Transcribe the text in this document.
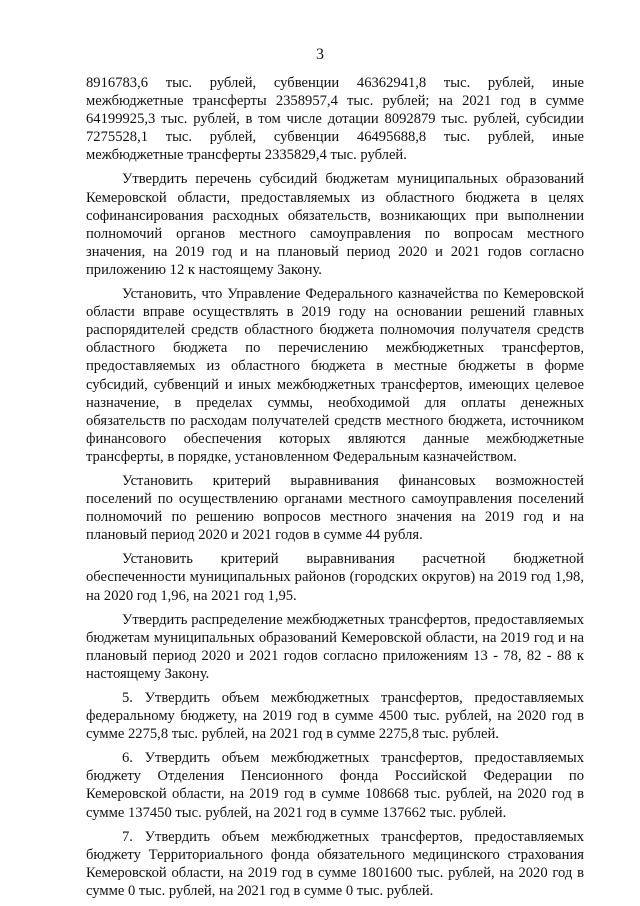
3

8916783,6 тыс. рублей, субвенции 46362941,8 тыс. рублей, иные межбюджетные трансферты 2358957,4 тыс. рублей; на 2021 год в сумме 64199925,3 тыс. рублей, в том числе дотации 8092879 тыс. рублей, субсидии 7275528,1 тыс. рублей, субвенции 46495688,8 тыс. рублей, иные межбюджетные трансферты 2335829,4 тыс. рублей.

Утвердить перечень субсидий бюджетам муниципальных образований Кемеровской области, предоставляемых из областного бюджета в целях софинансирования расходных обязательств, возникающих при выполнении полномочий органов местного самоуправления по вопросам местного значения, на 2019 год и на плановый период 2020 и 2021 годов согласно приложению 12 к настоящему Закону.

Установить, что Управление Федерального казначейства по Кемеровской области вправе осуществлять в 2019 году на основании решений главных распорядителей средств областного бюджета полномочия получателя средств областного бюджета по перечислению межбюджетных трансфертов, предоставляемых из областного бюджета в местные бюджеты в форме субсидий, субвенций и иных межбюджетных трансфертов, имеющих целевое назначение, в пределах суммы, необходимой для оплаты денежных обязательств по расходам получателей средств местного бюджета, источником финансового обеспечения которых являются данные межбюджетные трансферты, в порядке, установленном Федеральным казначейством.

Установить критерий выравнивания финансовых возможностей поселений по осуществлению органами местного самоуправления поселений полномочий по решению вопросов местного значения на 2019 год и на плановый период 2020 и 2021 годов в сумме 44 рубля.

Установить критерий выравнивания расчетной бюджетной обеспеченности муниципальных районов (городских округов) на 2019 год 1,98, на 2020 год 1,96, на 2021 год 1,95.

Утвердить распределение межбюджетных трансфертов, предоставляемых бюджетам муниципальных образований Кемеровской области, на 2019 год и на плановый период 2020 и 2021 годов согласно приложениям 13 - 78, 82 - 88 к настоящему Закону.

5. Утвердить объем межбюджетных трансфертов, предоставляемых федеральному бюджету, на 2019 год в сумме 4500 тыс. рублей, на 2020 год в сумме 2275,8 тыс. рублей, на 2021 год в сумме 2275,8 тыс. рублей.

6. Утвердить объем межбюджетных трансфертов, предоставляемых бюджету Отделения Пенсионного фонда Российской Федерации по Кемеровской области, на 2019 год в сумме 108668 тыс. рублей, на 2020 год в сумме 137450 тыс. рублей, на 2021 год в сумме 137662 тыс. рублей.

7. Утвердить объем межбюджетных трансфертов, предоставляемых бюджету Территориального фонда обязательного медицинского страхования Кемеровской области, на 2019 год в сумме 1801600 тыс. рублей, на 2020 год в сумме 0 тыс. рублей, на 2021 год в сумме 0 тыс. рублей.
